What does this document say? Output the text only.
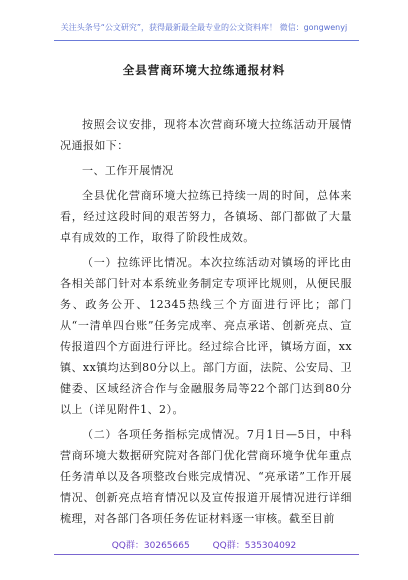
关注头条号“公文研究”，获得最新最全最专业的公文资料库！ 微信：gongwenyj
全县营商环境大拉练通报材料

按照会议安排，现将本次营商环境大拉练活动开展情况通报如下：

一、工作开展情况

全县优化营商环境大拉练已持续一周的时间，总体来看，经过这段时间的艰苦努力，各镇场、部门都做了大量卓有成效的工作，取得了阶段性成效。

（一）拉练评比情况。本次拉练活动对镇场的评比由各相关部门针对本系统业务制定专项评比规则，从便民服务、政务公开、12345热线三个方面进行评比；部门从“一清单四台账”任务完成率、亮点承诺、创新亮点、宣传报道四个方面进行评比。经过综合比评，镇场方面，xx镇、xx镇均达到80分以上。部门方面，法院、公安局、卫健委、区域经济合作与金融服务局等22个部门达到80分以上（详见附件1、2）。

（二）各项任务指标完成情况。7月1日—5日，中科营商环境大数据研究院对各部门优化营商环境争优年重点任务清单以及各项整改台账完成情况、“亮承诺”工作开展情况、创新亮点培育情况以及宣传报道开展情况进行详细梳理，对各部门各项任务佐证材料逐一审核。截至目前

QQ群：30265665	QQ群：535304092
